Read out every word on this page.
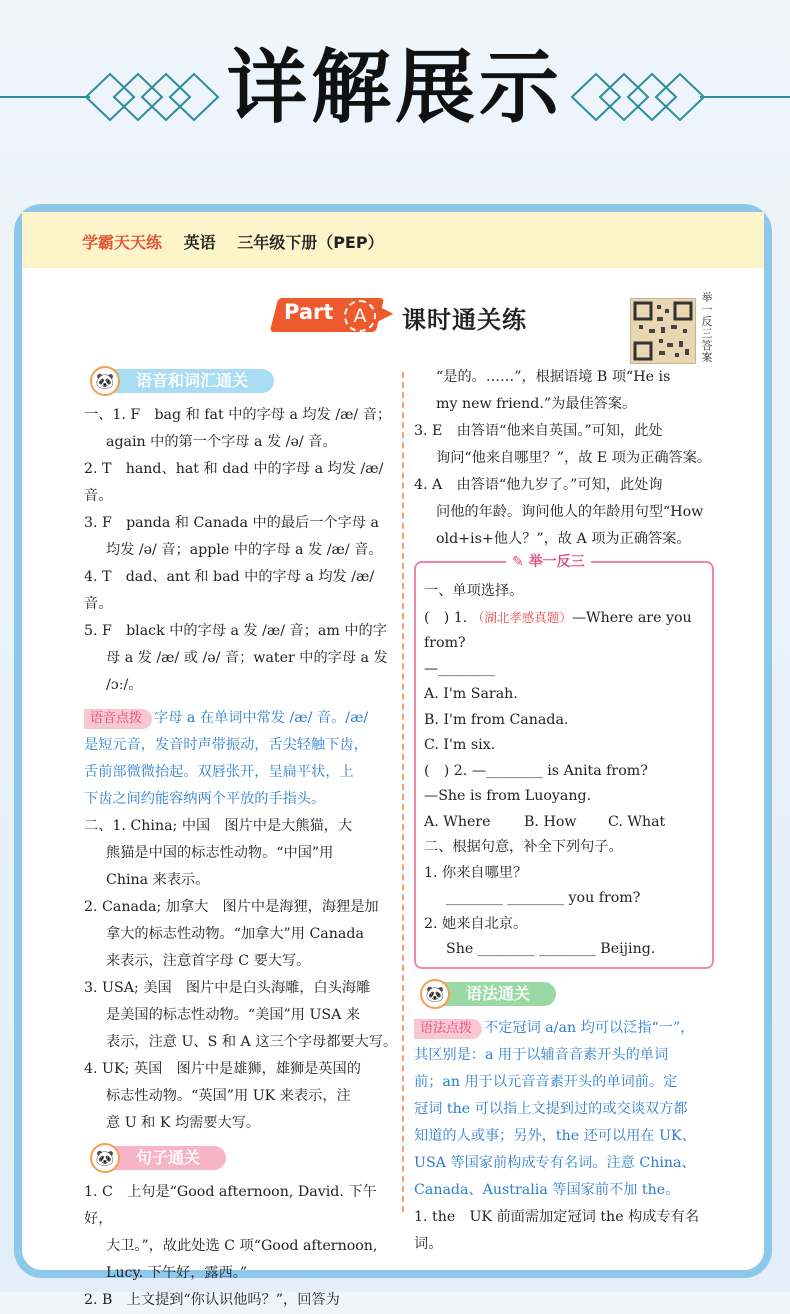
详解展示
学霸天天练 英语 三年级下册（PEP）
Part	A ▶ 课时通关练
举一反三答案
语音和词汇通关
🐼

一、1. F　bag 和 fat 中的字母 a 均发 /æ/ 音；

again 中的第一个字母 a 发 /ə/ 音。

2. T　hand、hat 和 dad 中的字母 a 均发 /æ/ 音。

3. F　panda 和 Canada 中的最后一个字母 a

均发 /ə/ 音；apple 中的字母 a 发 /æ/ 音。

4. T　dad、ant 和 bad 中的字母 a 均发 /æ/ 音。

5. F　black 中的字母 a 发 /æ/ 音；am 中的字

母 a 发 /æ/ 或 /ə/ 音；water 中的字母 a 发

/ɔː/。

语音点拨 字母 a 在单词中常发 /æ/ 音。/æ/

是短元音，发音时声带振动，舌尖轻触下齿，

舌前部微微抬起。双唇张开，呈扁平状，上

下齿之间约能容纳两个平放的手指头。

二、1. China; 中国　图片中是大熊猫，大

熊猫是中国的标志性动物。“中国”用

China 来表示。

2. Canada; 加拿大　图片中是海狸，海狸是加

拿大的标志性动物。“加拿大”用 Canada

来表示，注意首字母 C 要大写。

3. USA; 美国　图片中是白头海雕，白头海雕

是美国的标志性动物。“美国”用 USA 来

表示，注意 U、S 和 A 这三个字母都要大写。

4. UK; 英国　图片中是雄狮，雄狮是英国的

标志性动物。“英国”用 UK 来表示，注

意 U 和 K 均需要大写。

句子通关
🐼

1. C　上句是“Good afternoon, David. 下午好，

大卫。”，故此处选 C 项“Good afternoon,

Lucy. 下午好，露西。”

2. B　上文提到“你认识他吗？”，回答为

“是的。……”，根据语境 B 项“He is

my new friend.”为最佳答案。

3. E　由答语“他来自英国。”可知，此处

询问“他来自哪里？”，故 E 项为正确答案。

4. A　由答语“他九岁了。”可知，此处询

问他的年龄。询问他人的年龄用句型“How

old+is+他人？”，故 A 项为正确答案。

✎ 举一反三

一、单项选择。

(　) 1. （湖北孝感真题）—Where are you

from?

—________

A. I'm Sarah.B. I'm from Canada.

C. I'm six.

(　) 2. —________ is Anita from?

—She is from Luoyang.

A. Where B. How C. What

二、根据句意，补全下列句子。

1. 你来自哪里？

________ ________ you from?

2. 她来自北京。

She ________ ________ Beijing.

语法通关
🐼

语法点拨 不定冠词 a/an 均可以泛指“一”，

其区别是：a 用于以辅音音素开头的单词

前；an 用于以元音音素开头的单词前。定

冠词 the 可以指上文提到过的或交谈双方都

知道的人或事；另外，the 还可以用在 UK、

USA 等国家前构成专有名词。注意 China、

Canada、Australia 等国家前不加 the。

1. the　UK 前面需加定冠词 the 构成专有名词。
